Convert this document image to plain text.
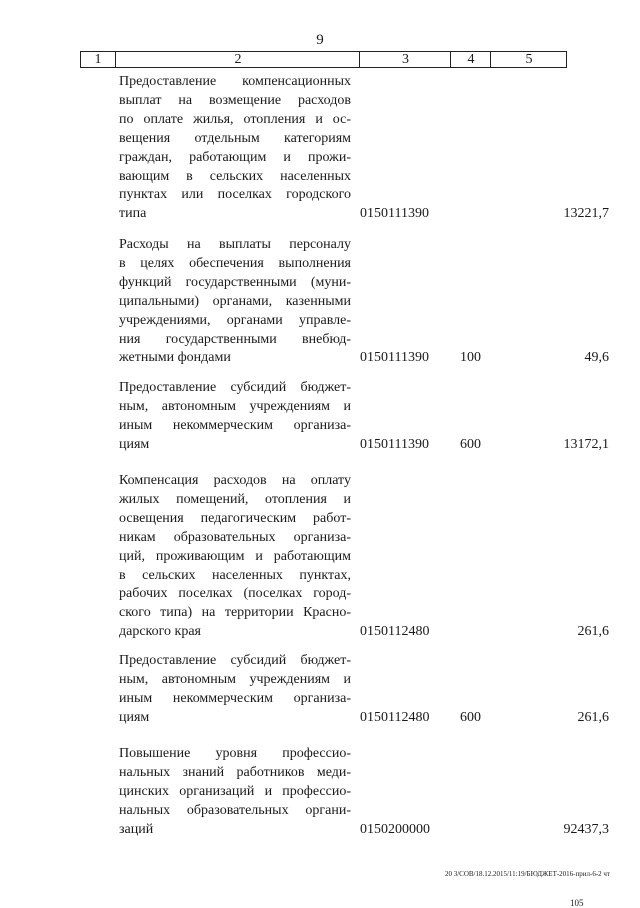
9
1	2	3	4	5
Предоставление компенсационных
выплат на возмещение расходов
по оплате жилья, отопления и ос-
вещения отдельным категориям
граждан, работающим и прожи-
вающим в сельских населенных
пунктах или поселках городского
типа	0150111390	13221,7
Расходы на выплаты персоналу
в целях обеспечения выполнения
функций государственными (муни-
ципальными) органами, казенными
учреждениями, органами управле-
ния государственными внебюд-
жетными фондами	0150111390 100	49,6
Предоставление субсидий бюджет-
ным, автономным учреждениям и
иным некоммерческим организа-
циям	0150111390 600	13172,1
Компенсация расходов на оплату
жилых помещений, отопления и
освещения педагогическим работ-
никам образовательных организа-
ций, проживающим и работающим
в сельских населенных пунктах,
рабочих поселках (поселках город-
ского типа) на территории Красно-
дарского края	0150112480	261,6
Предоставление субсидий бюджет-
ным, автономным учреждениям и
иным некоммерческим организа-
циям	0150112480 600	261,6
Повышение уровня профессио-
нальных знаний работников меди-
цинских организаций и профессио-
нальных образовательных органи-
заций	0150200000	92437,3
20 3/СОВ/18.12.2015/11:19/БЮДЖЕТ-2016-прил-6-2 чт
105
